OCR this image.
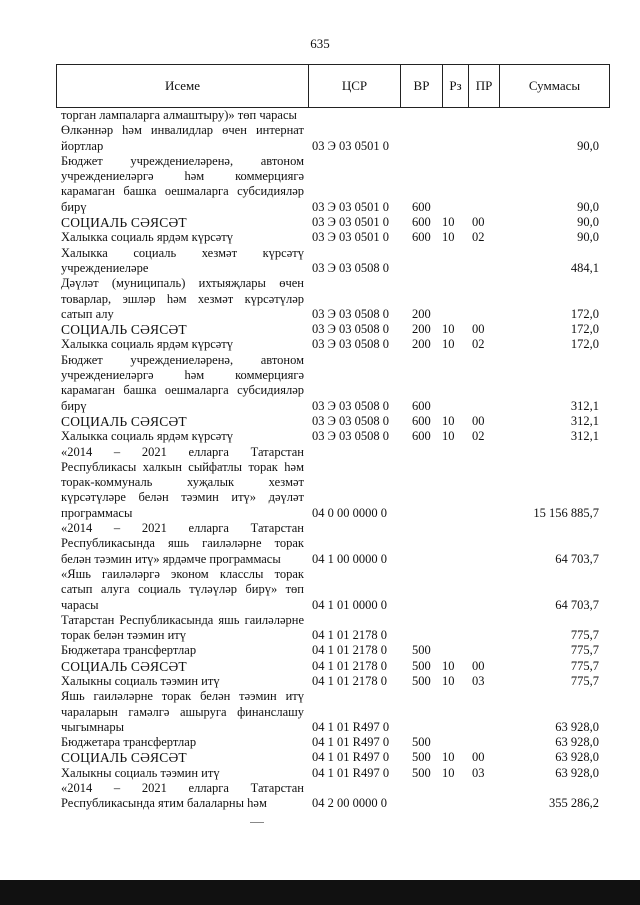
635
Исеме	ЦСР	ВР	Рз	ПР	Суммасы
торган лампаларга алмаштыру)» төп чарасы					
Өлкәннәр һәм инвалидлар өчен интернат йортлар	03 Э 03 0501 0				90,0
Бюджет учреждениеләренә, автоном учреждениеләргә һәм коммерциягә карамаган башка оешмаларга субсидияләр бирү	03 Э 03 0501 0	600			90,0
СОЦИАЛЬ СӘЯСӘТ	03 Э 03 0501 0	600	10	00	90,0
Халыкка социаль ярдәм күрсәтү	03 Э 03 0501 0	600	10	02	90,0
Халыкка социаль хезмәт күрсәтү учреждениеләре	03 Э 03 0508 0				484,1
Дәүләт (муниципаль) ихтыяҗлары өчен товарлар, эшләр һәм хезмәт күрсәтүләр сатып алу	03 Э 03 0508 0	200			172,0
СОЦИАЛЬ СӘЯСӘТ	03 Э 03 0508 0	200	10	00	172,0
Халыкка социаль ярдәм күрсәтү	03 Э 03 0508 0	200	10	02	172,0
Бюджет учреждениеләренә, автоном учреждениеләргә һәм коммерциягә карамаган башка оешмаларга субсидияләр бирү	03 Э 03 0508 0	600			312,1
СОЦИАЛЬ СӘЯСӘТ	03 Э 03 0508 0	600	10	00	312,1
Халыкка социаль ярдәм күрсәтү	03 Э 03 0508 0	600	10	02	312,1
«2014 – 2021 елларга Татарстан Республикасы халкын сыйфатлы торак һәм торак-коммуналь хуҗалык хезмәт күрсәтүләре белән тәэмин итү» дәүләт программасы	04 0 00 0000 0				15 156 885,7
«2014 – 2021 елларга Татарстан Республикасында яшь гаиләләрне торак белән тәэмин итү» ярдәмче программасы	04 1 00 0000 0				64 703,7
«Яшь гаиләләргә эконом класслы торак сатып алуга социаль түләүләр бирү» төп чарасы	04 1 01 0000 0				64 703,7
Татарстан Республикасында яшь гаиләләрне торак белән тәэмин итү	04 1 01 2178 0				775,7
Бюджетара трансфертлар	04 1 01 2178 0	500			775,7
СОЦИАЛЬ СӘЯСӘТ	04 1 01 2178 0	500	10	00	775,7
Халыкны социаль тәэмин итү	04 1 01 2178 0	500	10	03	775,7
Яшь гаиләләрне торак белән тәэмин итү чараларын гамәлгә ашыруга финанслашу чыгымнары	04 1 01 R497 0				63 928,0
Бюджетара трансфертлар	04 1 01 R497 0	500			63 928,0
СОЦИАЛЬ СӘЯСӘТ	04 1 01 R497 0	500	10	00	63 928,0
Халыкны социаль тәэмин итү	04 1 01 R497 0	500	10	03	63 928,0
«2014 – 2021 елларга Татарстан Республикасында ятим балаларны һәм	04 2 00 0000 0				355 286,2
